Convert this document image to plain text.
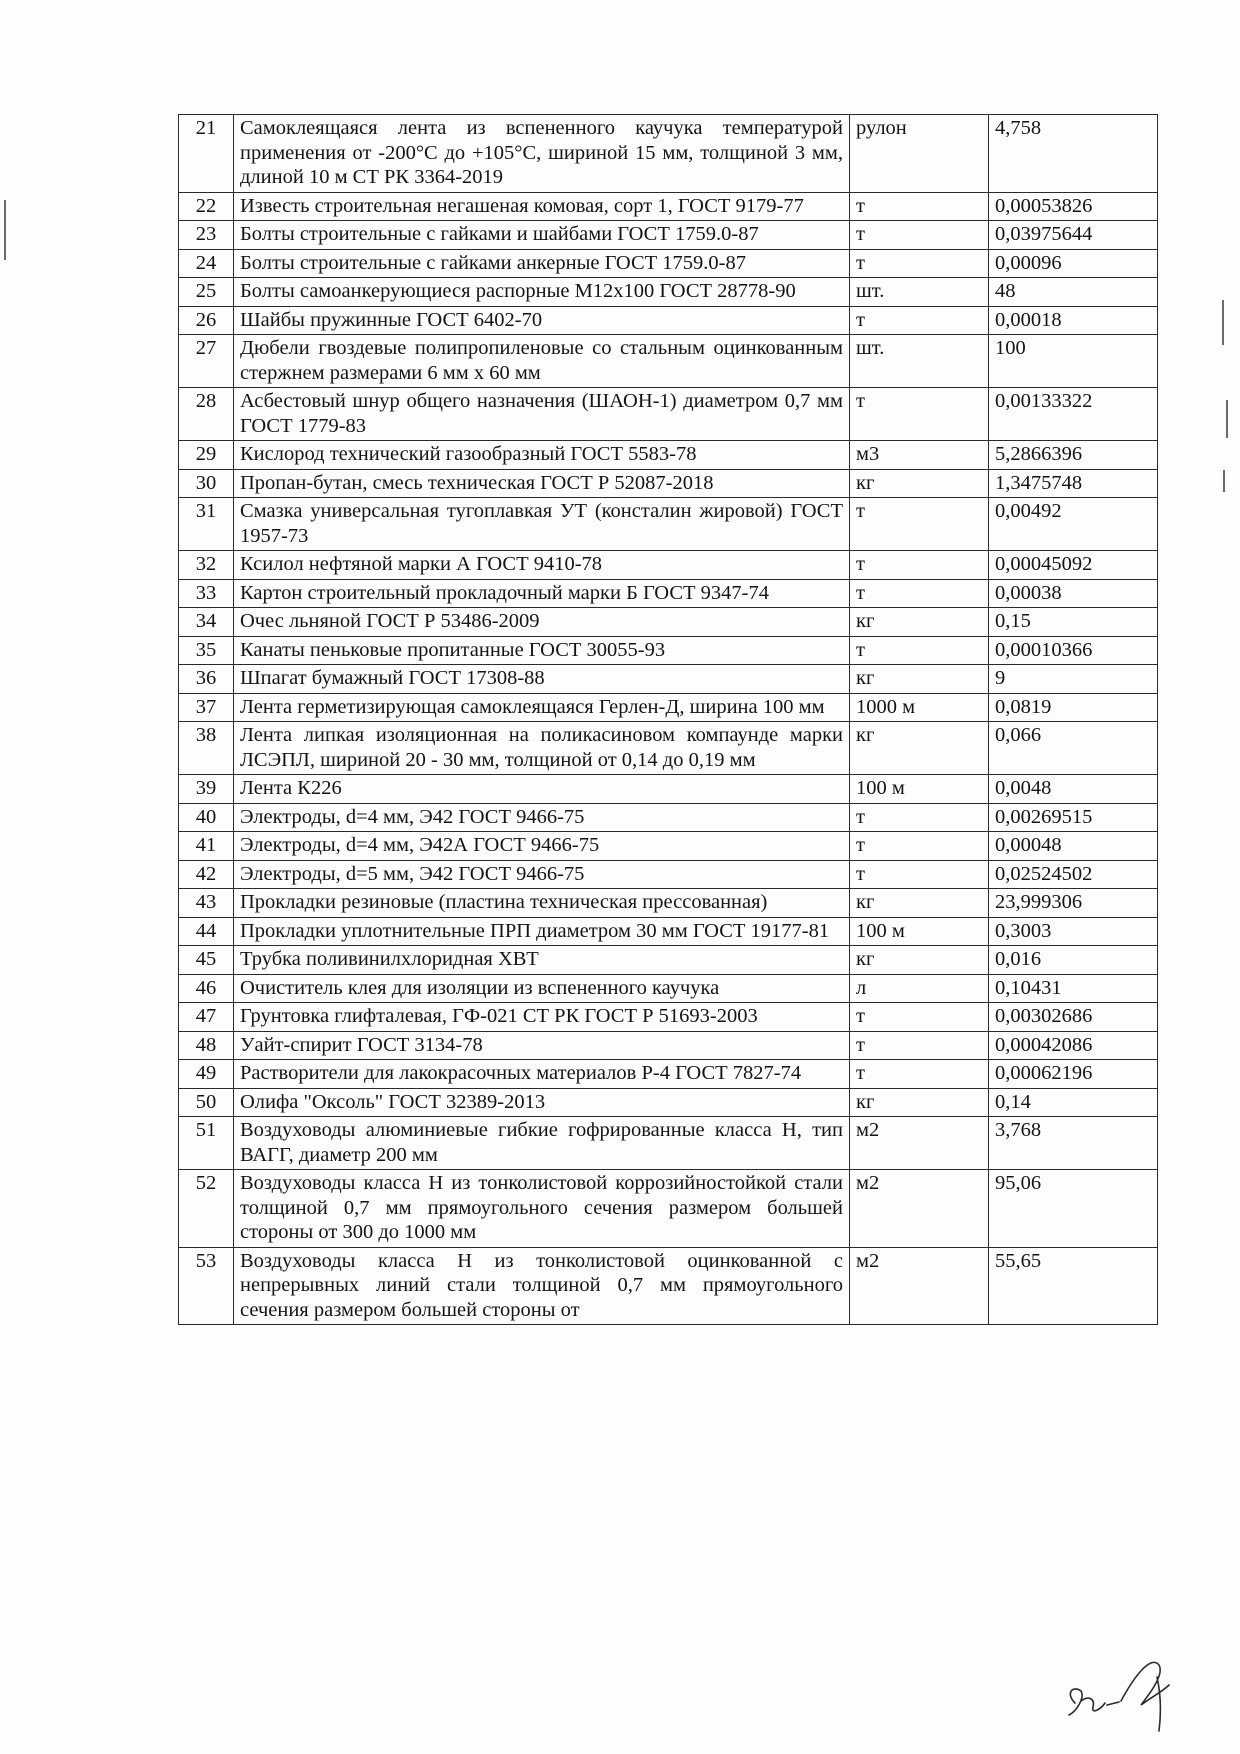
21	Самоклеящаяся лента из вспененного каучука температурой применения от -200°С до +105°С, шириной 15 мм, толщиной 3 мм, длиной 10 м СТ РК 3364-2019	рулон	4,758
22	Известь строительная негашеная комовая, сорт 1, ГОСТ 9179-77	т	0,00053826
23	Болты строительные с гайками и шайбами ГОСТ 1759.0-87	т	0,03975644
24	Болты строительные с гайками анкерные ГОСТ 1759.0-87	т	0,00096
25	Болты самоанкерующиеся распорные М12х100 ГОСТ 28778-90	шт.	48
26	Шайбы пружинные ГОСТ 6402-70	т	0,00018
27	Дюбели гвоздевые полипропиленовые со стальным оцинкованным стержнем размерами 6 мм х 60 мм	шт.	100
28	Асбестовый шнур общего назначения (ШАОН-1) диаметром 0,7 мм ГОСТ 1779-83	т	0,00133322
29	Кислород технический газообразный ГОСТ 5583-78	м3	5,2866396
30	Пропан-бутан, смесь техническая ГОСТ Р 52087-2018	кг	1,3475748
31	Смазка универсальная тугоплавкая УТ (консталин жировой) ГОСТ 1957-73	т	0,00492
32	Ксилол нефтяной марки А ГОСТ 9410-78	т	0,00045092
33	Картон строительный прокладочный марки Б ГОСТ 9347-74	т	0,00038
34	Очес льняной ГОСТ Р 53486-2009	кг	0,15
35	Канаты пеньковые пропитанные ГОСТ 30055-93	т	0,00010366
36	Шпагат бумажный ГОСТ 17308-88	кг	9
37	Лента герметизирующая самоклеящаяся Герлен-Д, ширина 100 мм	1000 м	0,0819
38	Лента липкая изоляционная на поликасиновом компаунде марки ЛСЭПЛ, шириной 20 - 30 мм, толщиной от 0,14 до 0,19 мм	кг	0,066
39	Лента К226	100 м	0,0048
40	Электроды, d=4 мм, Э42 ГОСТ 9466-75	т	0,00269515
41	Электроды, d=4 мм, Э42А ГОСТ 9466-75	т	0,00048
42	Электроды, d=5 мм, Э42 ГОСТ 9466-75	т	0,02524502
43	Прокладки резиновые (пластина техническая прессованная)	кг	23,999306
44	Прокладки уплотнительные ПРП диаметром 30 мм ГОСТ 19177-81	100 м	0,3003
45	Трубка поливинилхлоридная ХВТ	кг	0,016
46	Очиститель клея для изоляции из вспененного каучука	л	0,10431
47	Грунтовка глифталевая, ГФ-021 СТ РК ГОСТ Р 51693-2003	т	0,00302686
48	Уайт-спирит ГОСТ 3134-78	т	0,00042086
49	Растворители для лакокрасочных материалов Р-4 ГОСТ 7827-74	т	0,00062196
50	Олифа "Оксоль" ГОСТ 32389-2013	кг	0,14
51	Воздуховоды алюминиевые гибкие гофрированные класса Н, тип ВАГГ, диаметр 200 мм	м2	3,768
52	Воздуховоды класса Н из тонколистовой коррозийностойкой стали толщиной 0,7 мм прямоугольного сечения размером большей стороны от 300 до 1000 мм	м2	95,06
53	Воздуховоды класса Н из тонколистовой оцинкованной с непрерывных линий стали толщиной 0,7 мм прямоугольного сечения размером большей стороны от	м2	55,65
